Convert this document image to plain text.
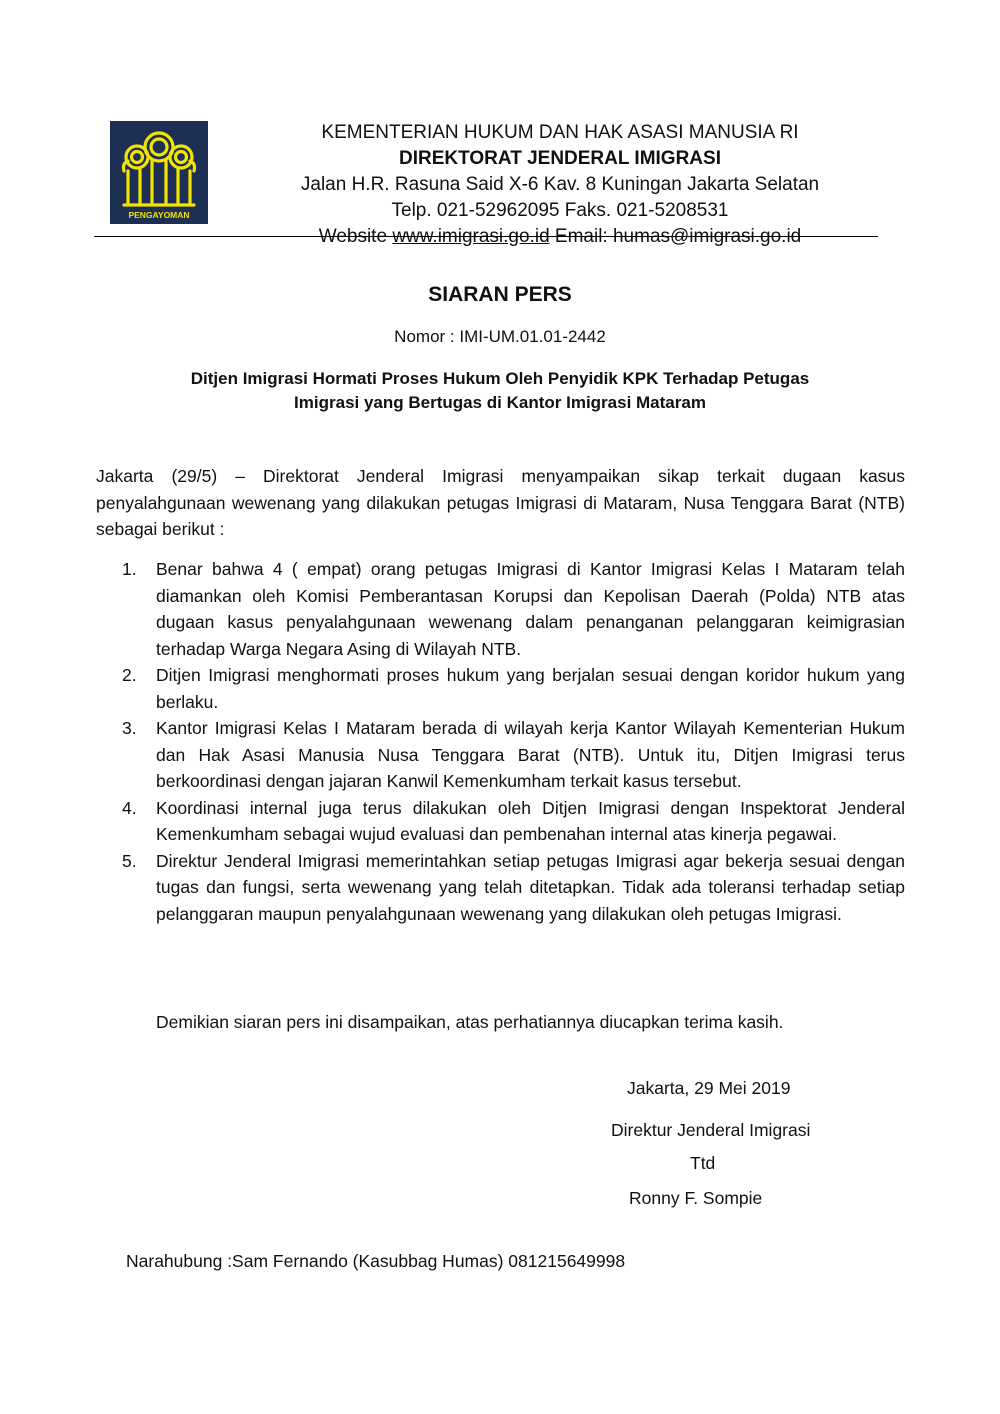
PENGAYOMAN
KEMENTERIAN HUKUM DAN HAK ASASI MANUSIA RI
DIREKTORAT JENDERAL IMIGRASI
Jalan H.R. Rasuna Said X-6 Kav. 8 Kuningan Jakarta Selatan
Telp. 021-52962095 Faks. 021-5208531
Website www.imigrasi.go.id Email: humas@imigrasi.go.id
SIARAN PERS
Nomor : IMI-UM.01.01-2442
Ditjen Imigrasi Hormati Proses Hukum Oleh Penyidik KPK Terhadap Petugas
Imigrasi yang Bertugas di Kantor Imigrasi Mataram
Jakarta (29/5) – Direktorat Jenderal Imigrasi menyampaikan sikap terkait dugaan kasus penyalahgunaan wewenang yang dilakukan petugas Imigrasi di Mataram, Nusa Tenggara Barat (NTB) sebagai berikut :
1.	Benar bahwa 4 ( empat) orang petugas Imigrasi di Kantor Imigrasi Kelas I Mataram telah diamankan oleh Komisi Pemberantasan Korupsi dan Kepolisan Daerah (Polda) NTB atas dugaan kasus penyalahgunaan wewenang dalam penanganan pelanggaran keimigrasian terhadap Warga Negara Asing di Wilayah NTB.
2.	Ditjen Imigrasi menghormati proses hukum yang berjalan sesuai dengan koridor hukum yang berlaku.
3.	Kantor Imigrasi Kelas I Mataram berada di wilayah kerja Kantor Wilayah Kementerian Hukum dan Hak Asasi Manusia Nusa Tenggara Barat (NTB). Untuk itu, Ditjen Imigrasi terus berkoordinasi dengan jajaran Kanwil Kemenkumham terkait kasus tersebut.
4.	Koordinasi internal juga terus dilakukan oleh Ditjen Imigrasi dengan Inspektorat Jenderal Kemenkumham sebagai wujud evaluasi dan pembenahan internal atas kinerja pegawai.
5.	Direktur Jenderal Imigrasi memerintahkan setiap petugas Imigrasi agar bekerja sesuai dengan tugas dan fungsi, serta wewenang yang telah ditetapkan. Tidak ada toleransi terhadap setiap pelanggaran maupun penyalahgunaan wewenang yang dilakukan oleh petugas Imigrasi.
Demikian siaran pers ini disampaikan, atas perhatiannya diucapkan terima kasih.
Jakarta, 29 Mei 2019
Direktur Jenderal Imigrasi
Ttd
Ronny F. Sompie
Narahubung :Sam Fernando (Kasubbag Humas) 081215649998
